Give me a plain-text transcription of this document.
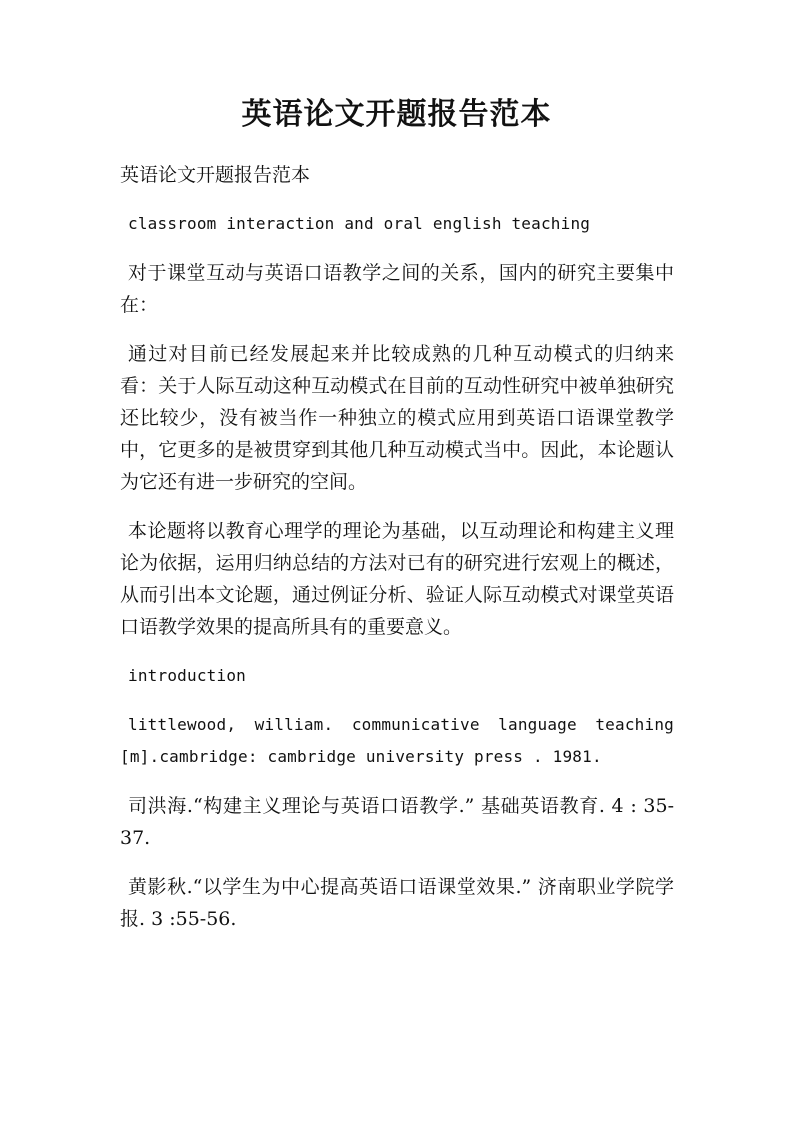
英语论文开题报告范本

英语论文开题报告范本

classroom interaction and oral english teaching

对于课堂互动与英语口语教学之间的关系，国内的研究主要集中在：

通过对目前已经发展起来并比较成熟的几种互动模式的归纳来看：关于人际互动这种互动模式在目前的互动性研究中被单独研究还比较少，没有被当作一种独立的模式应用到英语口语课堂教学中，它更多的是被贯穿到其他几种互动模式当中。因此，本论题认为它还有进一步研究的空间。

本论题将以教育心理学的理论为基础，以互动理论和构建主义理论为依据，运用归纳总结的方法对已有的研究进行宏观上的概述，从而引出本文论题，通过例证分析、验证人际互动模式对课堂英语口语教学效果的提高所具有的重要意义。

introduction

littlewood, william. communicative language teaching [m].cambridge: cambridge university press . 1981.

司洪海.“构建主义理论与英语口语教学.” 基础英语教育. 4 : 35-37.

黄影秋.“以学生为中心提高英语口语课堂效果.” 济南职业学院学报. 3 :55-56.
